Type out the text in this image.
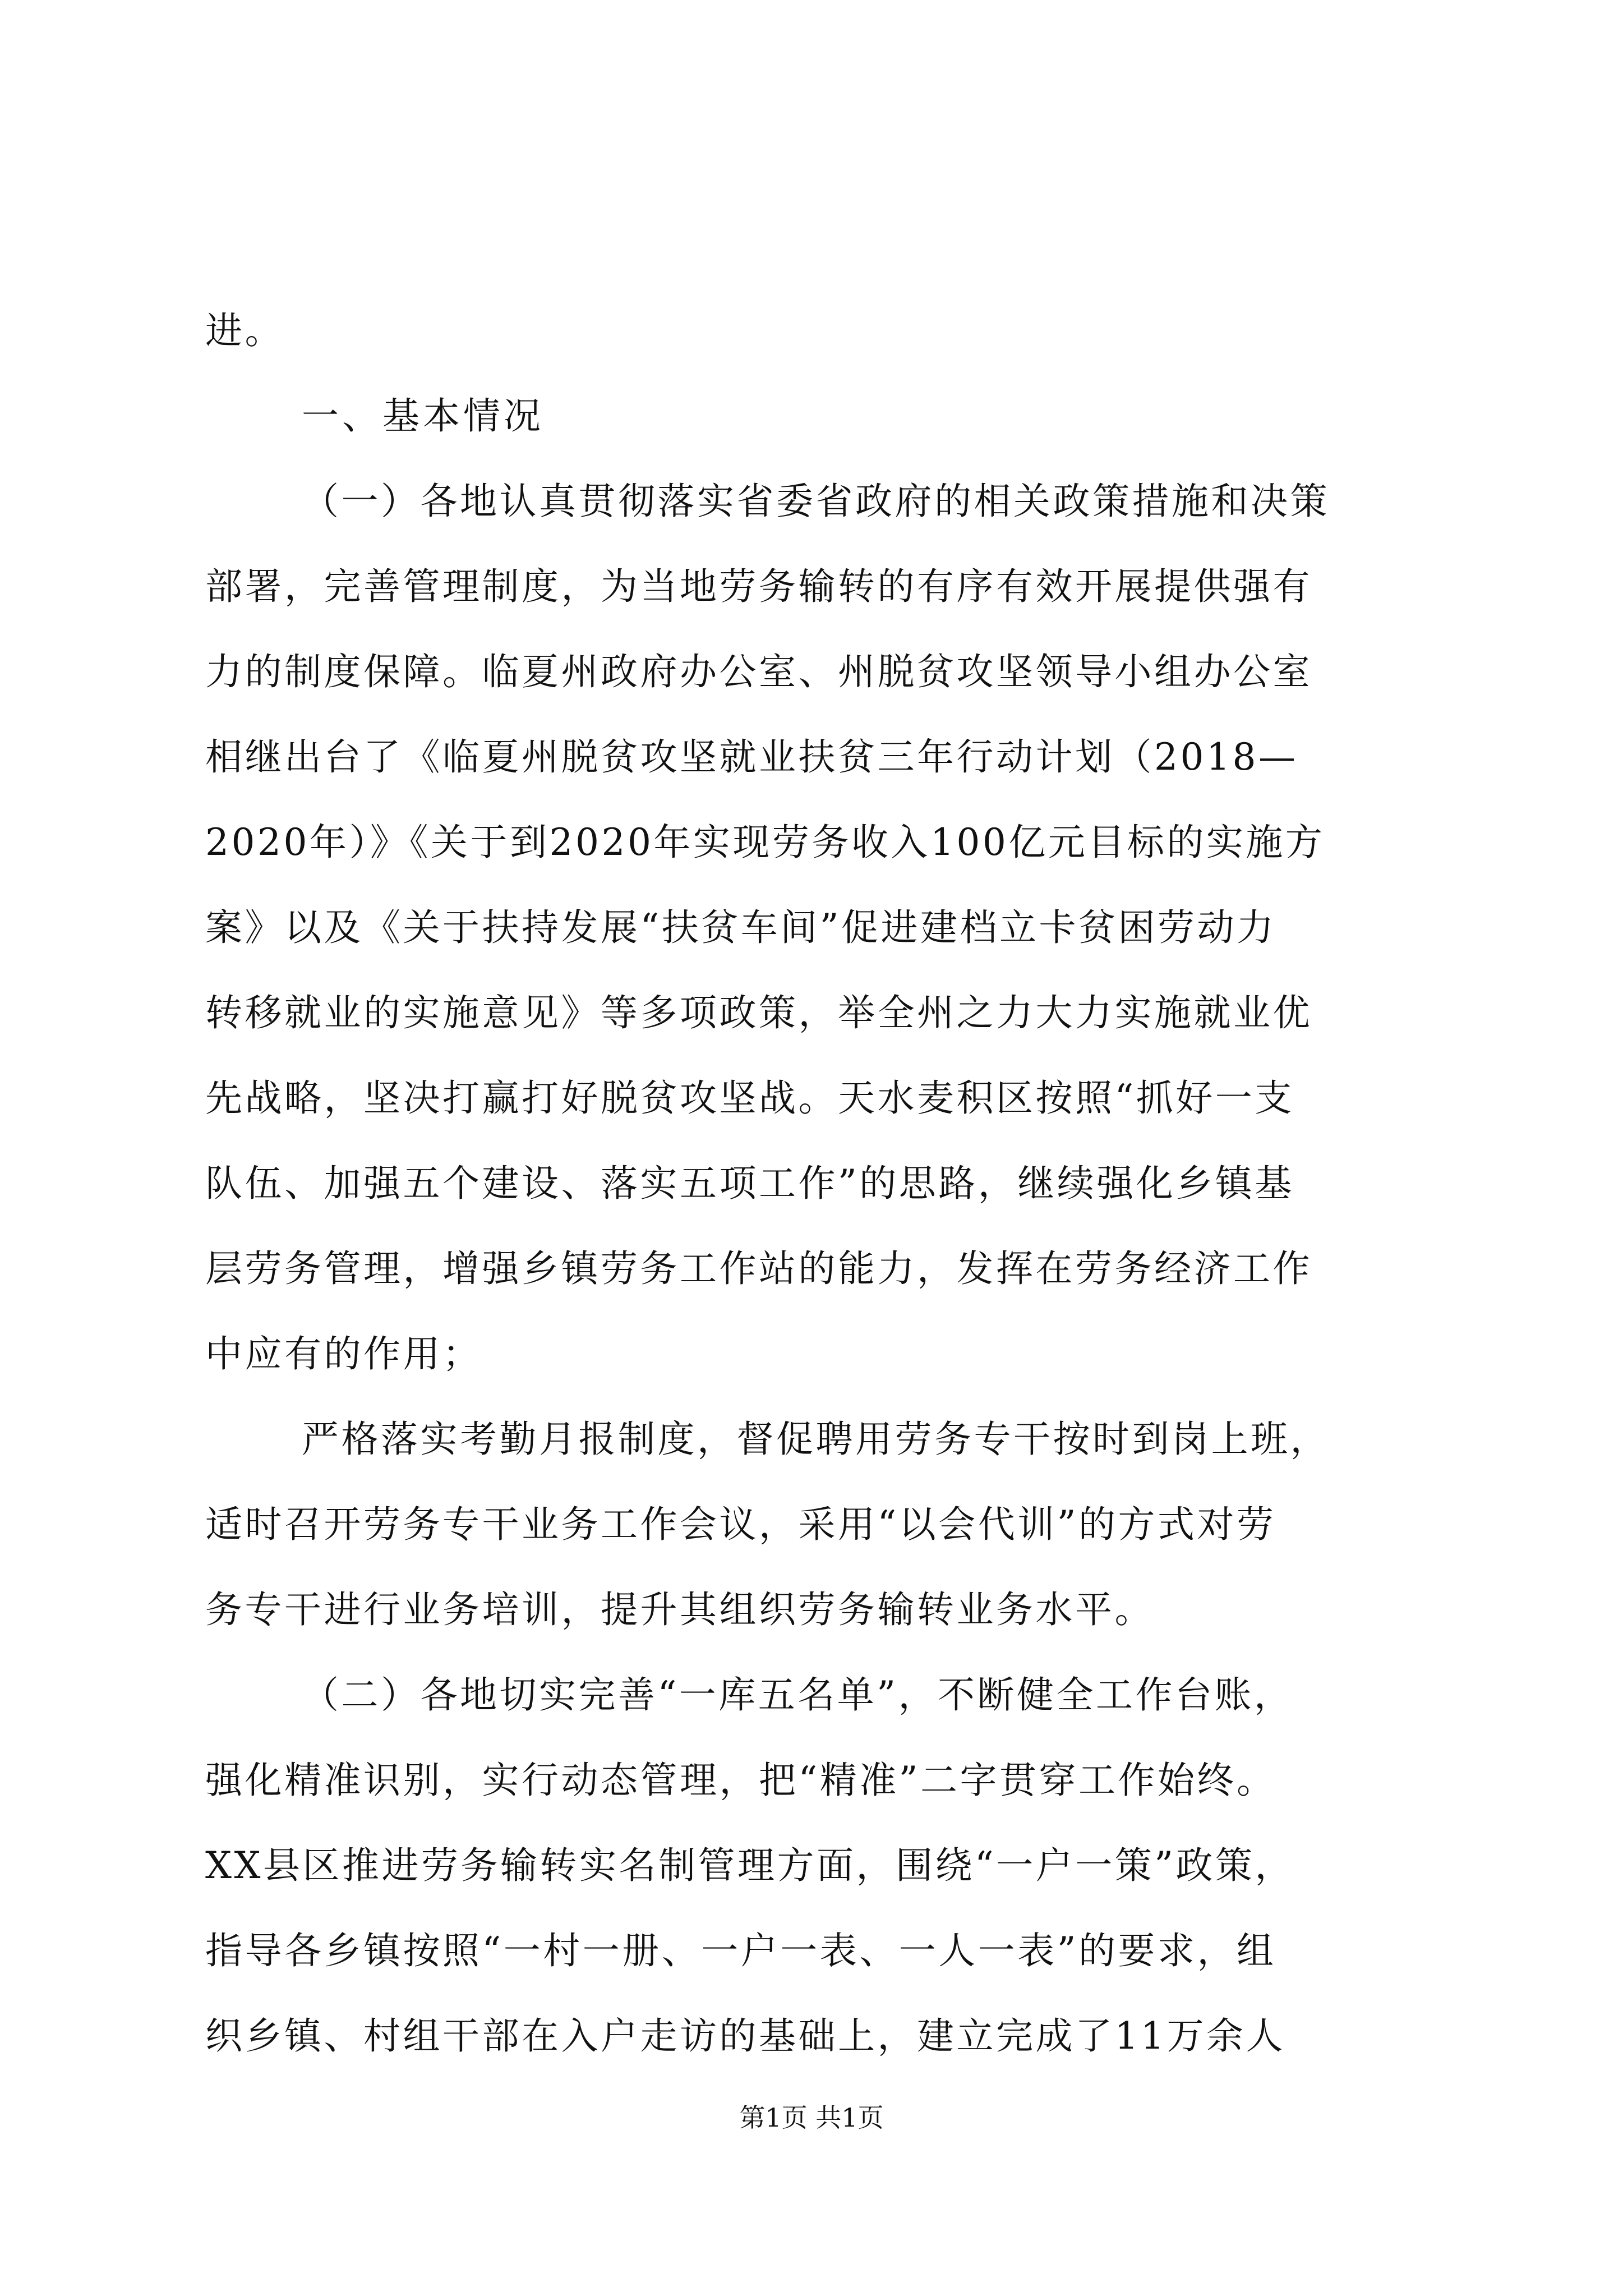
进。
一、基本情况
（一）各地认真贯彻落实省委省政府的相关政策措施和决策
部署，完善管理制度，为当地劳务输转的有序有效开展提供强有
力的制度保障。临夏州政府办公室、州脱贫攻坚领导小组办公室
相继出台了《临夏州脱贫攻坚就业扶贫三年行动计划（2018—
2020年）》《关于到2020年实现劳务收入100亿元目标的实施方
案》以及《关于扶持发展“扶贫车间”促进建档立卡贫困劳动力
转移就业的实施意见》等多项政策，举全州之力大力实施就业优
先战略，坚决打赢打好脱贫攻坚战。天水麦积区按照“抓好一支
队伍、加强五个建设、落实五项工作”的思路，继续强化乡镇基
层劳务管理，增强乡镇劳务工作站的能力，发挥在劳务经济工作
中应有的作用；
严格落实考勤月报制度，督促聘用劳务专干按时到岗上班，
适时召开劳务专干业务工作会议，采用“以会代训”的方式对劳
务专干进行业务培训，提升其组织劳务输转业务水平。
（二）各地切实完善“一库五名单”，不断健全工作台账，
强化精准识别，实行动态管理，把“精准”二字贯穿工作始终。
XX县区推进劳务输转实名制管理方面，围绕“一户一策”政策，
指导各乡镇按照“一村一册、一户一表、一人一表”的要求，组
织乡镇、村组干部在入户走访的基础上，建立完成了11万余人
第1页 共1页
